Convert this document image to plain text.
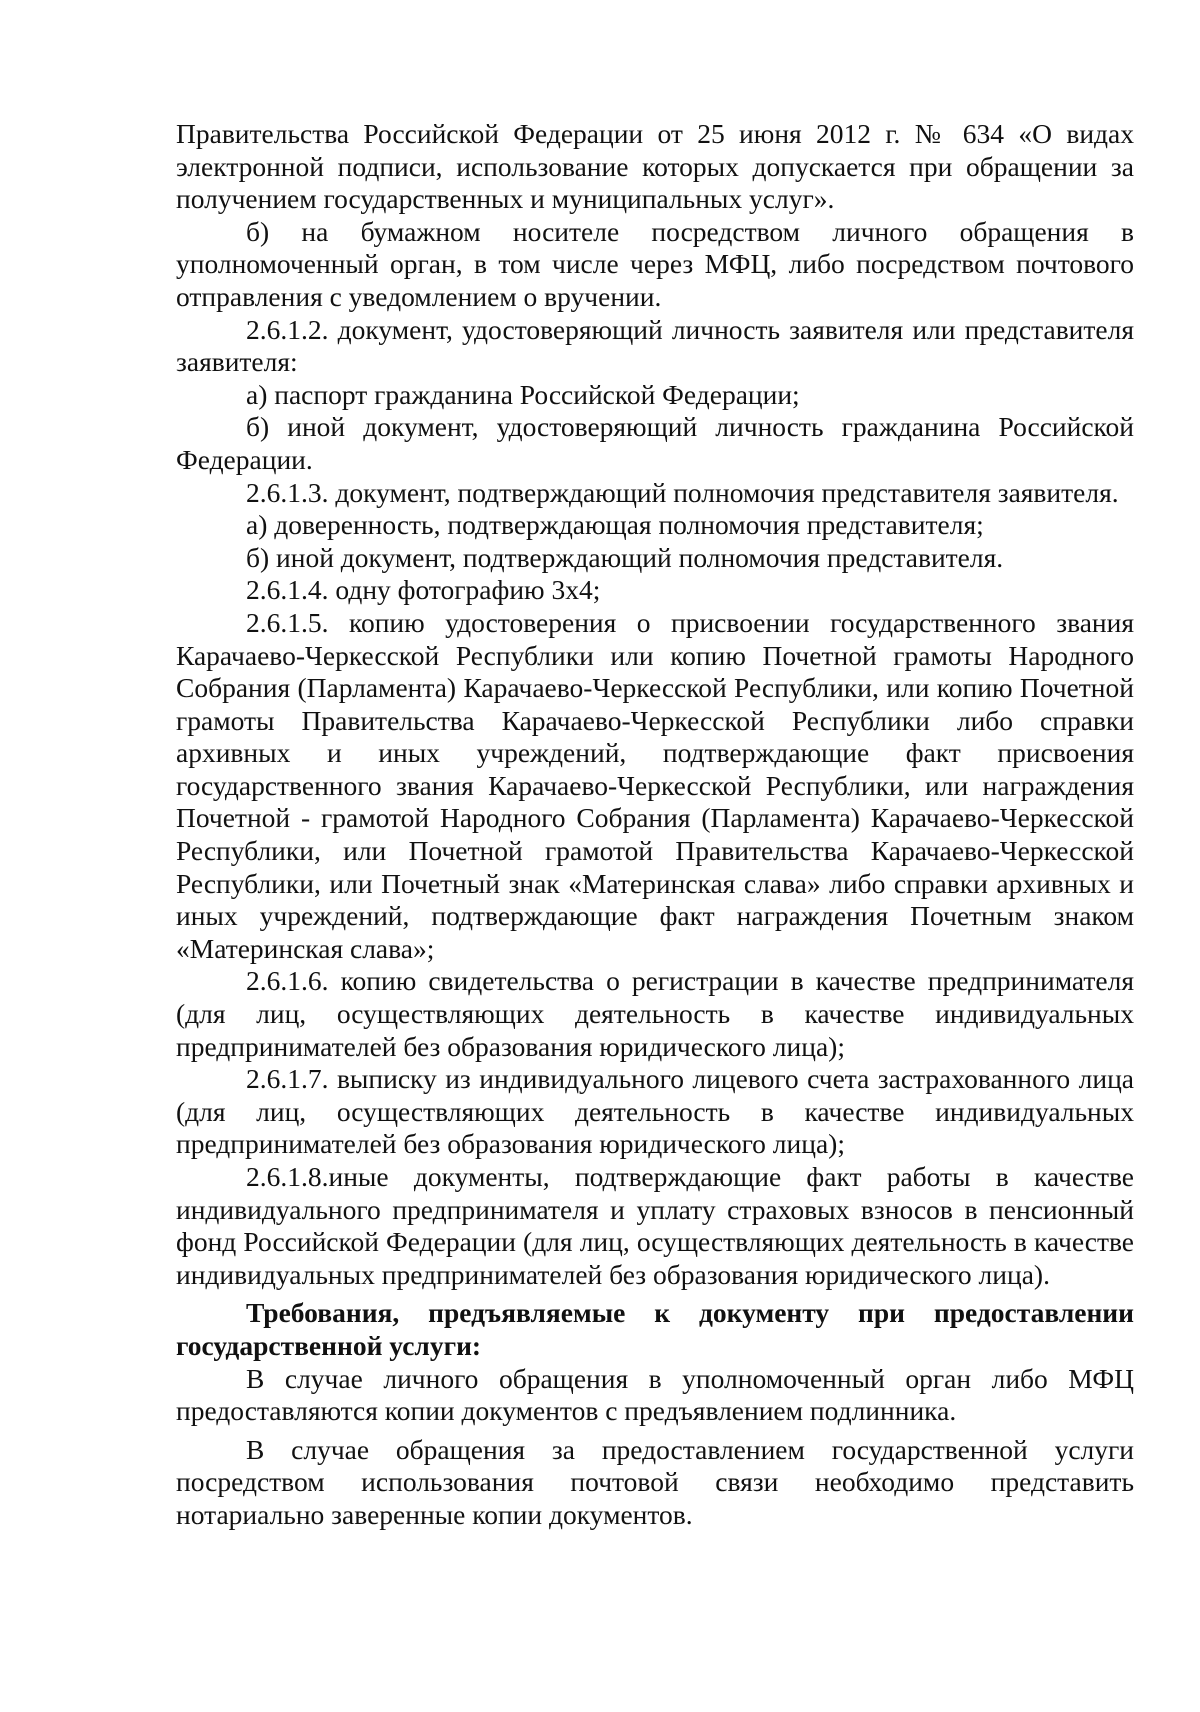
Правительства Российской Федерации от 25 июня 2012 г. № 634 «О видах электронной подписи, использование которых допускается при обращении за получением государственных и муниципальных услуг».

б) на бумажном носителе посредством личного обращения в уполномоченный орган, в том числе через МФЦ, либо посредством почтового отправления с уведомлением о вручении.

2.6.1.2. документ, удостоверяющий личность заявителя или представителя заявителя:

а) паспорт гражданина Российской Федерации;

б) иной документ, удостоверяющий личность гражданина Российской Федерации.

2.6.1.3. документ, подтверждающий полномочия представителя заявителя.

а) доверенность, подтверждающая полномочия представителя;

б) иной документ, подтверждающий полномочия представителя.

2.6.1.4. одну фотографию 3х4;

2.6.1.5. копию удостоверения о присвоении государственного звания Карачаево-Черкесской Республики или копию Почетной грамоты Народного Собрания (Парламента) Карачаево-Черкесской Республики, или копию Почетной грамоты Правительства Карачаево-Черкесской Республики либо справки архивных и иных учреждений, подтверждающие факт присвоения государственного звания Карачаево-Черкесской Республики, или награждения Почетной - грамотой Народного Собрания (Парламента) Карачаево-Черкесской Республики, или Почетной грамотой Правительства Карачаево-Черкесской Республики, или Почетный знак «Материнская слава» либо справки архивных и иных учреждений, подтверждающие факт награждения Почетным знаком «Материнская слава»;

2.6.1.6. копию свидетельства о регистрации в качестве предпринимателя (для лиц, осуществляющих деятельность в качестве индивидуальных предпринимателей без образования юридического лица);

2.6.1.7. выписку из индивидуального лицевого счета застрахованного лица (для лиц, осуществляющих деятельность в качестве индивидуальных предпринимателей без образования юридического лица);

2.6.1.8.иные документы, подтверждающие факт работы в качестве индивидуального предпринимателя и уплату страховых взносов в пенсионный фонд Российской Федерации (для лиц, осуществляющих деятельность в качестве индивидуальных предпринимателей без образования юридического лица).

Требования, предъявляемые к документу при предоставлении государственной услуги:

В случае личного обращения в уполномоченный орган либо МФЦ предоставляются копии документов с предъявлением подлинника.

В случае обращения за предоставлением государственной услуги посредством использования почтовой связи необходимо представить нотариально заверенные копии документов.
